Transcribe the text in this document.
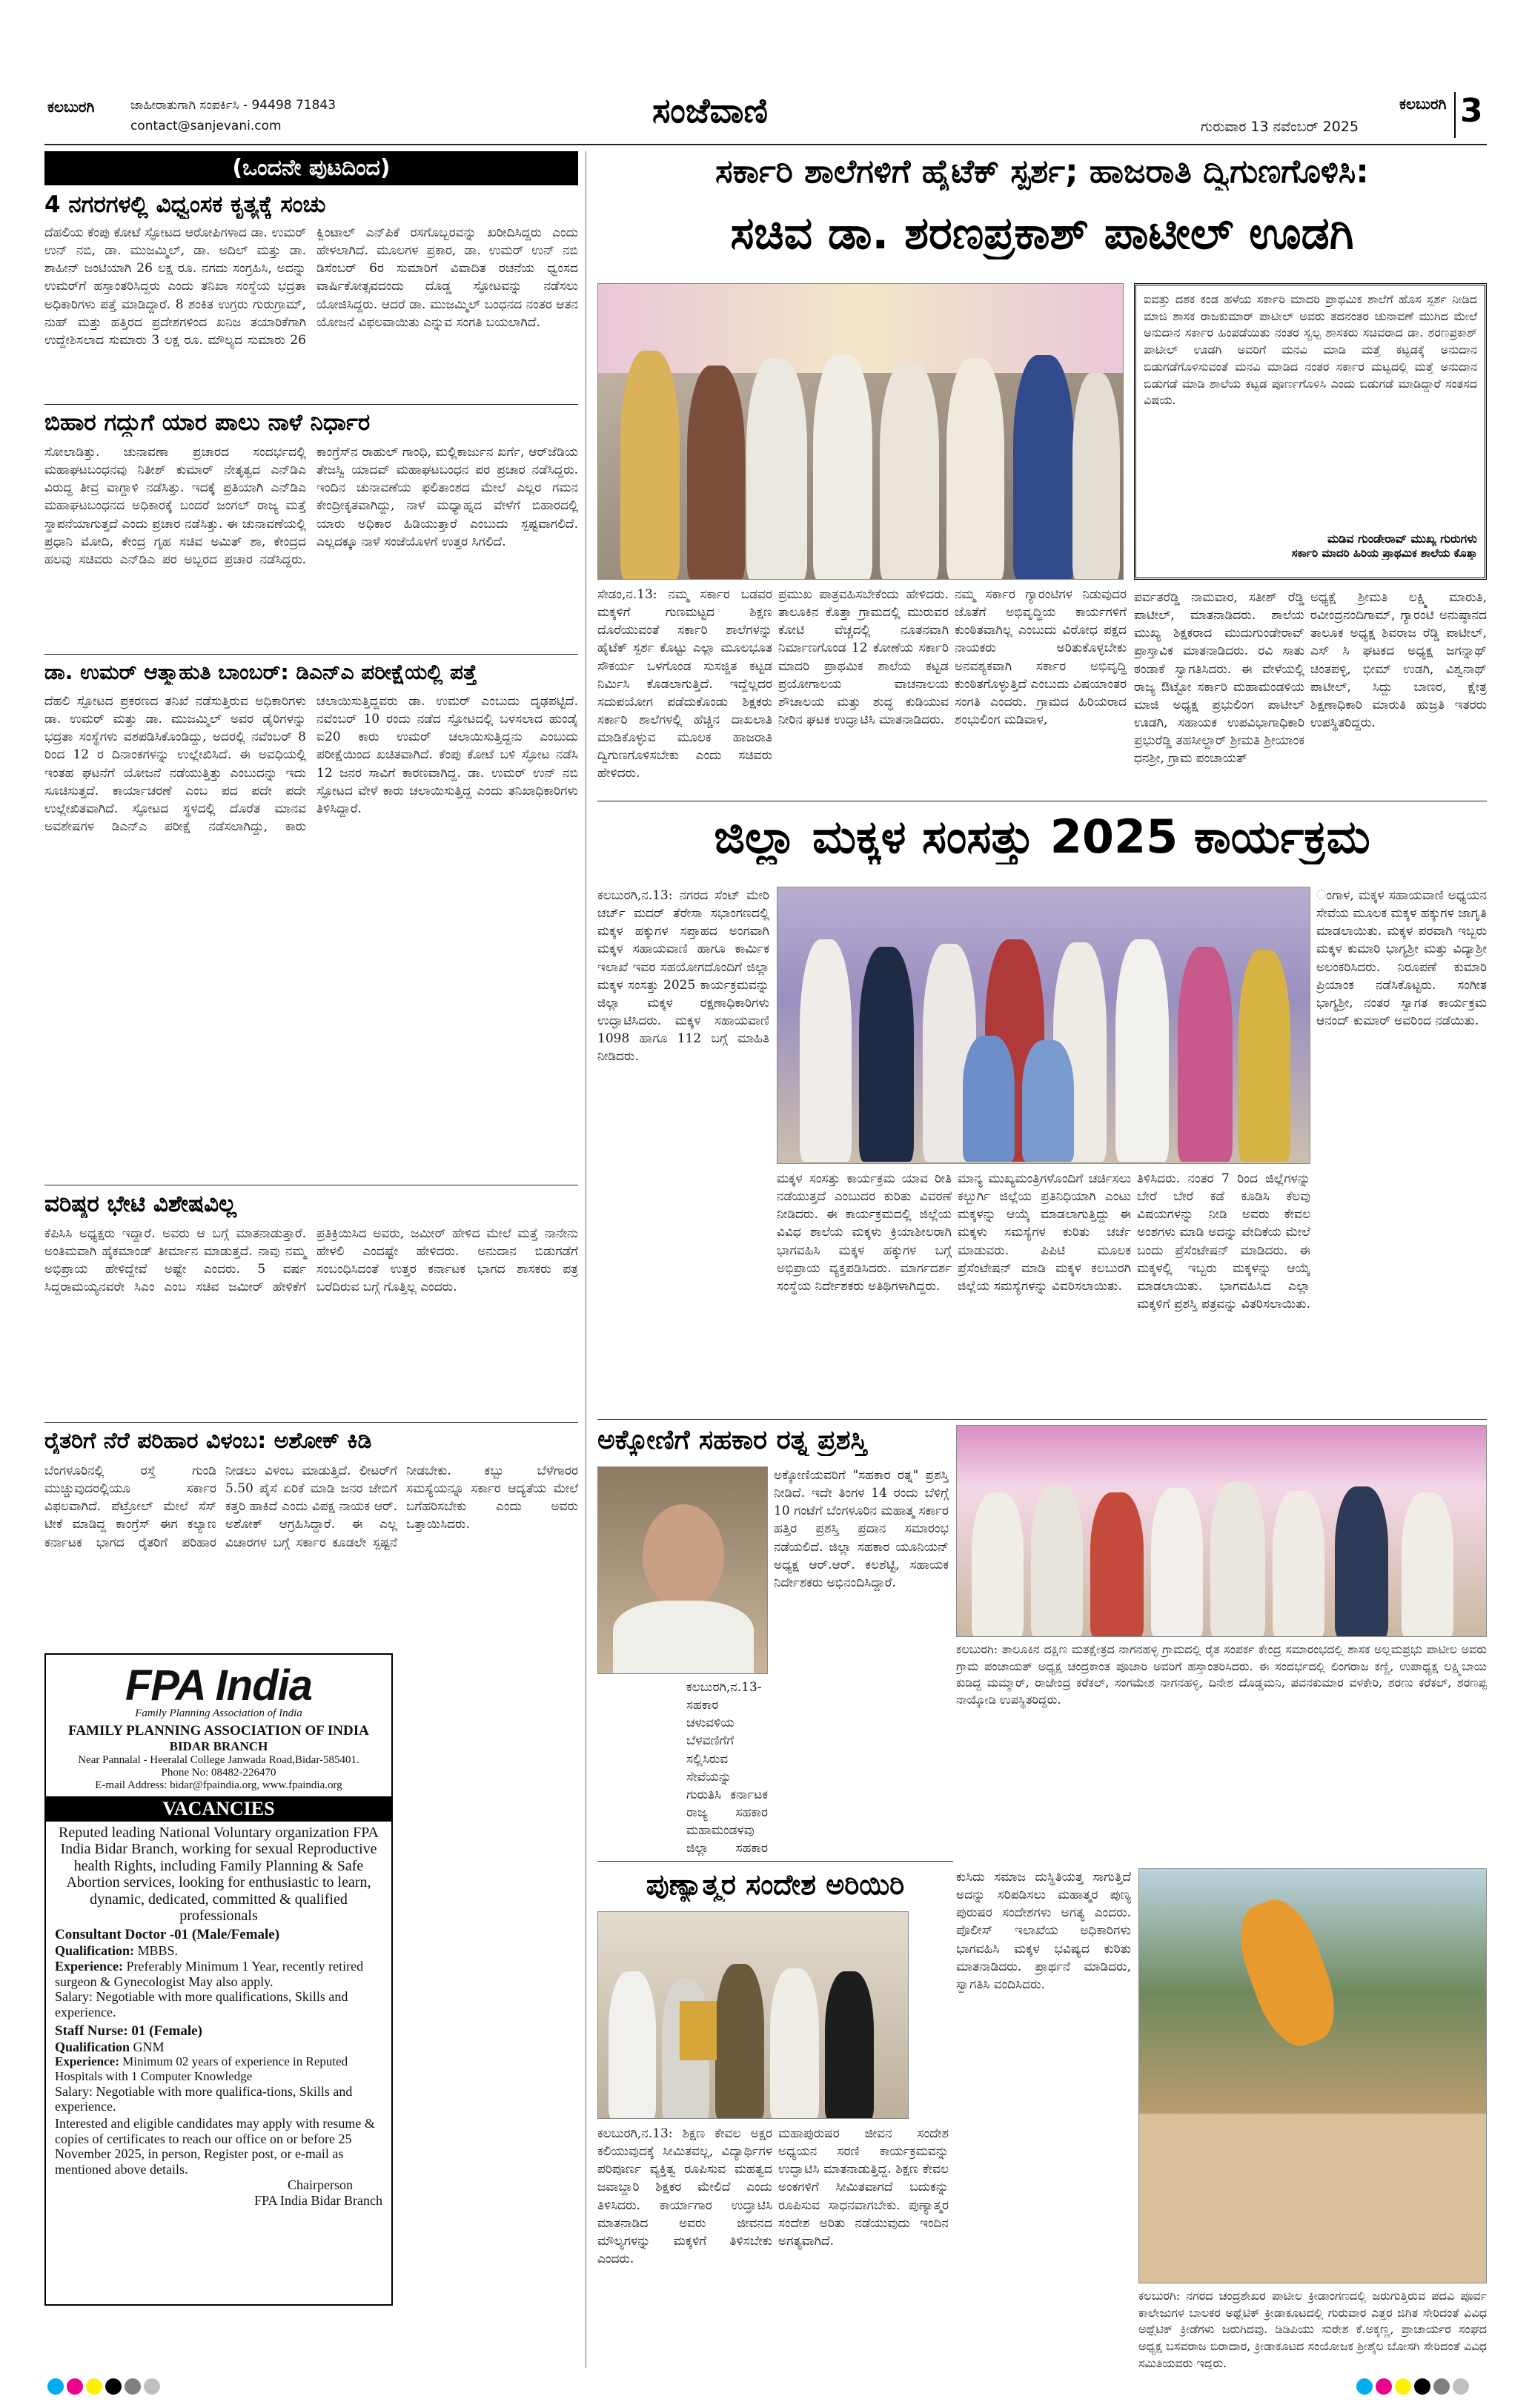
ಕಲಬುರಗಿ	ಜಾಹೀರಾತುಗಾಗಿ ಸಂಪರ್ಕಿಸಿ - 94498 71843
contact@sanjevani.com	ಸಂಜೆವಾಣಿ	ಕಲಬುರಗಿ
ಗುರುವಾರ 13 ನವೆಂಬರ್ 2025	3
(ಒಂದನೇ ಪುಟದಿಂದ)
4 ನಗರಗಳಲ್ಲಿ ವಿಧ್ವಂಸಕ ಕೃತ್ಯಕ್ಕೆ ಸಂಚು
ದೆಹಲಿಯ ಕೆಂಪು ಕೋಟೆ ಸ್ಫೋಟದ ಆರೋಪಿಗಳಾದ ಡಾ. ಉಮರ್ ಉನ್ ನಬಿ, ಡಾ. ಮುಜಮ್ಮಿಲ್, ಡಾ. ಅದಿಲ್ ಮತ್ತು ಡಾ. ಶಾಹೀನ್ ಜಂಟಿಯಾಗಿ 26 ಲಕ್ಷ ರೂ. ನಗದು ಸಂಗ್ರಹಿಸಿ, ಅದನ್ನು ಉಮರ್‌ಗೆ ಹಸ್ತಾಂತರಿಸಿದ್ದರು ಎಂದು ತನಿಖಾ ಸಂಸ್ಥೆಯ ಭದ್ರತಾ ಅಧಿಕಾರಿಗಳು ಪತ್ತೆ ಮಾಡಿದ್ದಾರೆ. 8 ಶಂಕಿತ ಉಗ್ರರು ಗುರುಗ್ರಾಮ್, ನುಹ್ ಮತ್ತು ಹತ್ತಿರದ ಪ್ರದೇಶಗಳಿಂದ ಖನಿಜ ತಯಾರಿಕೆಗಾಗಿ ಉದ್ದೇಶಿಸಲಾದ ಸುಮಾರು 3 ಲಕ್ಷ ರೂ. ಮೌಲ್ಯದ ಸುಮಾರು 26 ಕ್ವಿಂಟಾಲ್ ಎನ್‌ಪಿಕೆ ರಸಗೊಬ್ಬರವನ್ನು ಖರೀದಿಸಿದ್ದರು ಎಂದು ಹೇಳಲಾಗಿದೆ. ಮೂಲಗಳ ಪ್ರಕಾರ, ಡಾ. ಉಮರ್ ಉನ್ ನಬಿ ಡಿಸೆಂಬರ್ 6ರ ಸುಮಾರಿಗೆ ವಿವಾದಿತ ರಚನೆಯ ಧ್ವಂಸದ ವಾರ್ಷಿಕೋತ್ಸವದಂದು ದೊಡ್ಡ ಸ್ಫೋಟವನ್ನು ನಡೆಸಲು ಯೋಜಿಸಿದ್ದರು. ಆದರೆ ಡಾ. ಮುಜಮ್ಮಿಲ್ ಬಂಧನದ ನಂತರ ಆತನ ಯೋಜನೆ ವಿಫಲವಾಯಿತು ಎನ್ನುವ ಸಂಗತಿ ಬಯಲಾಗಿದೆ.
ಬಿಹಾರ ಗದ್ದುಗೆ ಯಾರ ಪಾಲು ನಾಳೆ ನಿರ್ಧಾರ
ಸೋಲಾಡಿತ್ತು. ಚುನಾವಣಾ ಪ್ರಚಾರದ ಸಂದರ್ಭದಲ್ಲಿ ಮಹಾಘಟಬಂಧನವು ನಿತೀಶ್ ಕುಮಾರ್ ನೇತೃತ್ವದ ಎನ್‌ಡಿಎ ವಿರುದ್ಧ ತೀವ್ರ ವಾಗ್ದಾಳಿ ನಡೆಸಿತ್ತು. ಇದಕ್ಕೆ ಪ್ರತಿಯಾಗಿ ಎನ್‌ಡಿಎ ಮಹಾಘಟಬಂಧನದ ಅಧಿಕಾರಕ್ಕೆ ಬಂದರೆ ಜಂಗಲ್ ರಾಜ್ಯ ಮತ್ತೆ ಸ್ಥಾಪನೆಯಾಗುತ್ತದೆ ಎಂದು ಪ್ರಚಾರ ನಡೆಸಿತ್ತು. ಈ ಚುನಾವಣೆಯಲ್ಲಿ ಪ್ರಧಾನಿ ಮೋದಿ, ಕೇಂದ್ರ ಗೃಹ ಸಚಿವ ಅಮಿತ್ ಶಾ, ಕೇಂದ್ರದ ಹಲವು ಸಚಿವರು ಎನ್‌ಡಿಎ ಪರ ಅಬ್ಬರದ ಪ್ರಚಾರ ನಡೆಸಿದ್ದರು. ಕಾಂಗ್ರೆಸ್‌ನ ರಾಹುಲ್ ಗಾಂಧಿ, ಮಲ್ಲಿಕಾರ್ಜುನ ಖರ್ಗೆ, ಆರ್‌ಜೆಡಿಯ ತೇಜಸ್ವಿ ಯಾದವ್ ಮಹಾಘಟಬಂಧನ ಪರ ಪ್ರಚಾರ ನಡೆಸಿದ್ದರು. ಇಂದಿನ ಚುನಾವಣೆಯ ಫಲಿತಾಂಶದ ಮೇಲೆ ಎಲ್ಲರ ಗಮನ ಕೇಂದ್ರೀಕೃತವಾಗಿದ್ದು, ನಾಳೆ ಮಧ್ಯಾಹ್ನದ ವೇಳೆಗೆ ಬಿಹಾರದಲ್ಲಿ ಯಾರು ಅಧಿಕಾರ ಹಿಡಿಯುತ್ತಾರೆ ಎಂಬುದು ಸ್ಪಷ್ಟವಾಗಲಿದೆ. ಎಲ್ಲದಕ್ಕೂ ನಾಳೆ ಸಂಜೆಯೊಳಗೆ ಉತ್ತರ ಸಿಗಲಿದೆ.
ಡಾ. ಉಮರ್ ಆತ್ಮಾಹುತಿ ಬಾಂಬರ್: ಡಿಎನ್‌ಎ ಪರೀಕ್ಷೆಯಲ್ಲಿ ಪತ್ತೆ
ದೆಹಲಿ ಸ್ಫೋಟದ ಪ್ರಕರಣದ ತನಿಖೆ ನಡೆಸುತ್ತಿರುವ ಅಧಿಕಾರಿಗಳು ಡಾ. ಉಮರ್ ಮತ್ತು ಡಾ. ಮುಜಮ್ಮಿಲ್ ಅವರ ಡೈರಿಗಳನ್ನು ಭದ್ರತಾ ಸಂಸ್ಥೆಗಳು ವಶಪಡಿಸಿಕೊಂಡಿದ್ದು, ಅದರಲ್ಲಿ ನವೆಂಬರ್ 8 ರಿಂದ 12 ರ ದಿನಾಂಕಗಳನ್ನು ಉಲ್ಲೇಖಿಸಿದೆ. ಈ ಅವಧಿಯಲ್ಲಿ ಇಂತಹ ಘಟನೆಗೆ ಯೋಜನೆ ನಡೆಯುತ್ತಿತ್ತು ಎಂಬುದನ್ನು ಇದು ಸೂಚಿಸುತ್ತದೆ. ಕಾರ್ಯಾಚರಣೆ ಎಂಬ ಪದ ಪದೇ ಪದೇ ಉಲ್ಲೇಖಿತವಾಗಿದೆ. ಸ್ಫೋಟದ ಸ್ಥಳದಲ್ಲಿ ದೊರೆತ ಮಾನವ ಅವಶೇಷಗಳ ಡಿಎನ್‌ಎ ಪರೀಕ್ಷೆ ನಡೆಸಲಾಗಿದ್ದು, ಕಾರು ಚಲಾಯಿಸುತ್ತಿದ್ದವರು ಡಾ. ಉಮರ್ ಎಂಬುದು ದೃಢಪಟ್ಟಿದೆ. ನವೆಂಬರ್ 10 ರಂದು ನಡೆದ ಸ್ಫೋಟದಲ್ಲಿ ಬಳಸಲಾದ ಹುಂಡೈ ಐ20 ಕಾರು ಉಮರ್ ಚಲಾಯಿಸುತ್ತಿದ್ದನು ಎಂಬುದು ಪರೀಕ್ಷೆಯಿಂದ ಖಚಿತವಾಗಿದೆ. ಕೆಂಪು ಕೋಟೆ ಬಳಿ ಸ್ಫೋಟ ನಡೆಸಿ 12 ಜನರ ಸಾವಿಗೆ ಕಾರಣವಾಗಿದ್ದ. ಡಾ. ಉಮರ್ ಉನ್ ನಬಿ ಸ್ಫೋಟದ ವೇಳೆ ಕಾರು ಚಲಾಯಿಸುತ್ತಿದ್ದ ಎಂದು ತನಿಖಾಧಿಕಾರಿಗಳು ತಿಳಿಸಿದ್ದಾರೆ.
ವರಿಷ್ಠರ ಭೇಟಿ ವಿಶೇಷವಿಲ್ಲ
ಕೆಪಿಸಿಸಿ ಅಧ್ಯಕ್ಷರು ಇದ್ದಾರೆ. ಅವರು ಆ ಬಗ್ಗೆ ಮಾತನಾಡುತ್ತಾರೆ. ಅಂತಿಮವಾಗಿ ಹೈಕಮಾಂಡ್ ತೀರ್ಮಾನ ಮಾಡುತ್ತದೆ. ನಾವು ನಮ್ಮ ಅಭಿಪ್ರಾಯ ಹೇಳಿದ್ದೇವೆ ಅಷ್ಟೇ ಎಂದರು. 5 ವರ್ಷ ಸಿದ್ದರಾಮಯ್ಯನವರೇ ಸಿಎಂ ಎಂಬ ಸಚಿವ ಜಮೀರ್ ಹೇಳಿಕೆಗೆ ಪ್ರತಿಕ್ರಿಯಿಸಿದ ಅವರು, ಜಮೀರ್ ಹೇಳಿದ ಮೇಲೆ ಮತ್ತೆ ನಾನೇನು ಹೇಳಲಿ ಎಂದಷ್ಟೇ ಹೇಳಿದರು. ಅನುದಾನ ಬಿಡುಗಡೆಗೆ ಸಂಬಂಧಿಸಿದಂತೆ ಉತ್ತರ ಕರ್ನಾಟಕ ಭಾಗದ ಶಾಸಕರು ಪತ್ರ ಬರೆದಿರುವ ಬಗ್ಗೆ ಗೊತ್ತಿಲ್ಲ ಎಂದರು.
ರೈತರಿಗೆ ನೆರೆ ಪರಿಹಾರ ವಿಳಂಬ: ಅಶೋಕ್ ಕಿಡಿ
ಬೆಂಗಳೂರಿನಲ್ಲಿ ರಸ್ತೆ ಗುಂಡಿ ಮುಚ್ಚುವುದರಲ್ಲಿಯೂ ಸರ್ಕಾರ ವಿಫಲವಾಗಿದೆ. ಪೆಟ್ರೋಲ್ ಮೇಲೆ ಸೆಸ್ ಟೀಕೆ ಮಾಡಿದ್ದ ಕಾಂಗ್ರೆಸ್ ಈಗ ಕಲ್ಯಾಣ ಕರ್ನಾಟಕ ಭಾಗದ ರೈತರಿಗೆ ಪರಿಹಾರ ನೀಡಲು ವಿಳಂಬ ಮಾಡುತ್ತಿದೆ. ಲೀಟರ್‌ಗೆ 5.50 ಪೈಸೆ ಏರಿಕೆ ಮಾಡಿ ಜನರ ಜೇಬಿಗೆ ಕತ್ತರಿ ಹಾಕಿದೆ ಎಂದು ವಿಪಕ್ಷ ನಾಯಕ ಆರ್. ಅಶೋಕ್ ಆಗ್ರಹಿಸಿದ್ದಾರೆ. ಈ ಎಲ್ಲ ವಿಚಾರಗಳ ಬಗ್ಗೆ ಸರ್ಕಾರ ಕೂಡಲೇ ಸ್ಪಷ್ಟನೆ ನೀಡಬೇಕು. ಕಬ್ಬು ಬೆಳೆಗಾರರ ಸಮಸ್ಯೆಯನ್ನೂ ಸರ್ಕಾರ ಆದ್ಯತೆಯ ಮೇಲೆ ಬಗೆಹರಿಸಬೇಕು ಎಂದು ಅವರು ಒತ್ತಾಯಿಸಿದರು.
FPA India
Family Planning Association of India
FAMILY PLANNING ASSOCIATION OF INDIA
BIDAR BRANCH
Near Pannalal - Heeralal College Janwada Road,Bidar-585401.
Phone No: 08482-226470
E-mail Address: bidar@fpaindia.org, www.fpaindia.org
VACANCIES
Reputed leading National Voluntary organization FPA India Bidar Branch, working for sexual Reproductive health Rights, including Family Planning & Safe Abortion services, looking for enthusiastic to learn, dynamic, dedicated, committed & qualified professionals
Consultant Doctor -01 (Male/Female)
Qualification: MBBS.
Experience: Preferably Minimum 1 Year, recently retired surgeon & Gynecologist May also apply.
Salary: Negotiable with more qualifications, Skills and experience.
Staff Nurse: 01 (Female)
Qualification GNM
Experience: Minimum 02 years of experience in Reputed Hospitals with 1 Computer Knowledge
Salary: Negotiable with more qualifica-tions, Skills and experience.
Interested and eligible candidates may apply with resume & copies of certificates to reach our office on or before 25 November 2025, in person, Register post, or e-mail as mentioned above details.
Chairperson
FPA India Bidar Branch
ಸರ್ಕಾರಿ ಶಾಲೆಗಳಿಗೆ ಹೈಟೆಕ್ ಸ್ಪರ್ಶ; ಹಾಜರಾತಿ ದ್ವಿಗುಣಗೊಳಿಸಿ:
ಸಚಿವ ಡಾ. ಶರಣಪ್ರಕಾಶ್ ಪಾಟೀಲ್ ಊಡಗಿ
ಐವತ್ತು ದಶಕ ಕಂಡ ಹಳೆಯ ಸರ್ಕಾರಿ ಮಾದರಿ ಪ್ರಾಥಮಿಕ ಶಾಲೆಗೆ ಹೊಸ ಸ್ಪರ್ಶ ನೀಡಿದ ಮಾಜಿ ಶಾಸಕ ರಾಜಕುಮಾರ್ ಪಾಟೀಲ್ ಅವರು ತದನಂತರ ಚುನಾವಣೆ ಮುಗಿದ ಮೇಲೆ ಅನುದಾನ ಸರ್ಕಾರ ಹಿಂಪಡೆಯಿತು ನಂತರ ಸ್ವಲ್ಪ ಶಾಸಕರು ಸಚಿವರಾದ ಡಾ. ಶರಣಪ್ರಕಾಶ್ ಪಾಟೀಲ್ ಊಡಗಿ ಅವರಿಗೆ ಮನವಿ ಮಾಡಿ ಮತ್ತೆ ಕಟ್ಟಡಕ್ಕೆ ಅನುದಾನ ಬಿಡುಗಡೆಗೊಳಿಸುವಂತೆ ಮನವಿ ಮಾಡಿದ ನಂತರ ಸರ್ಕಾರ ಮಟ್ಟದಲ್ಲಿ ಮತ್ತೆ ಅನುದಾನ ಬಿಡುಗಡೆ ಮಾಡಿ ಶಾಲೆಯ ಕಟ್ಟಡ ಪೂರ್ಣಗೊಳಿಸಿ ಎಂದು ಬಿಡುಗಡೆ ಮಾಡಿದ್ದಾರೆ ಸಂತಸದ ವಿಷಯ.
ಮಡಿವ ಗುಂಡೇರಾವ್ ಮುಖ್ಯ ಗುರುಗಳು
ಸರ್ಕಾರಿ ಮಾದರಿ ಹಿರಿಯ ಪ್ರಾಥಮಿಕ ಶಾಲೆಯ ಕೊತ್ತಾ
ಸೇಡಂ,ನ.13: ನಮ್ಮ ಸರ್ಕಾರ ಬಡವರ ಮಕ್ಕಳಿಗೆ ಗುಣಮಟ್ಟದ ಶಿಕ್ಷಣ ದೊರೆಯುವಂತೆ ಸರ್ಕಾರಿ ಶಾಲೆಗಳನ್ನು ಹೈಟೆಕ್ ಸ್ಪರ್ಶ ಕೊಟ್ಟು ಎಲ್ಲಾ ಮೂಲಭೂತ ಸೌಕರ್ಯ ಒಳಗೊಂಡ ಸುಸಜ್ಜಿತ ಕಟ್ಟಡ ನಿರ್ಮಿಸಿ ಕೊಡಲಾಗುತ್ತಿದೆ. ಇದ್ದೆಲ್ಲದರ ಸದುಪಯೋಗ ಪಡೆದುಕೊಂಡು ಶಿಕ್ಷಕರು ಸರ್ಕಾರಿ ಶಾಲೆಗಳಲ್ಲಿ ಹೆಚ್ಚಿನ ದಾಖಲಾತಿ ಮಾಡಿಕೊಳ್ಳುವ ಮೂಲಕ ಹಾಜರಾತಿ ದ್ವಿಗುಣಗೊಳಿಸಬೇಕು ಎಂದು ಸಚಿವರು ಹೇಳಿದರು.
ಪ್ರಮುಖ ಪಾತ್ರವಹಿಸಬೇಕೆಂದು ಹೇಳಿದರು. ತಾಲೂಕಿನ ಕೊತ್ತಾ ಗ್ರಾಮದಲ್ಲಿ ಮುರುವರ ಕೋಟಿ ವೆಚ್ಚದಲ್ಲಿ ನೂತನವಾಗಿ ನಿರ್ಮಾಣಗೊಂಡ 12 ಕೋಣೆಯ ಸರ್ಕಾರಿ ಮಾದರಿ ಪ್ರಾಥಮಿಕ ಶಾಲೆಯ ಕಟ್ಟಡ ಪ್ರಯೋಗಾಲಯ ವಾಚನಾಲಯ ಶೌಚಾಲಯ ಮತ್ತು ಶುದ್ಧ ಕುಡಿಯುವ ನೀರಿನ ಘಟಕ ಉದ್ಘಾಟಿಸಿ ಮಾತನಾಡಿದರು.
ನಮ್ಮ ಸರ್ಕಾರ ಗ್ಯಾರಂಟಿಗಳ ನಿಡುವುದರ ಜೊತೆಗೆ ಅಭಿವೃದ್ಧಿಯ ಕಾರ್ಯಗಳಿಗೆ ಕುಂಠಿತವಾಗಿಲ್ಲ ಎಂಬುದು ವಿರೋಧ ಪಕ್ಷದ ನಾಯಕರು ಅರಿತುಕೊಳ್ಳಬೇಕು ಅನವಶ್ಯಕವಾಗಿ ಸರ್ಕಾರ ಅಭಿವೃದ್ಧಿ ಕುಂಠಿತಗೊಳ್ಳುತ್ತಿದೆ ಎಂಬುದು ವಿಷಯಾಂತರ ಸಂಗತಿ ಎಂದರು. ಗ್ರಾಮದ ಹಿರಿಯರಾದ ಶಂಭುಲಿಂಗ ಮಡಿವಾಳ,
ಪರ್ವತರೆಡ್ಡಿ ನಾಮವಾರ, ಸತೀಶ್ ರೆಡ್ಡಿ ಪಾಟೀಲ್, ಮಾತನಾಡಿದರು. ಶಾಲೆಯ ಮುಖ್ಯ ಶಿಕ್ಷಕರಾದ ಮುದುಗುಂಡೇರಾವ್ ಪ್ರಾಸ್ತಾವಿಕ ಮಾತನಾಡಿದರು. ರವಿ ಸಾತು ಠಂಡಾಕೆ ಸ್ವಾಗತಿಸಿದರು. ಈ ವೇಳೆಯಲ್ಲಿ ರಾಜ್ಯ ಔಟ್ಟೋ ಸರ್ಕಾರಿ ಮಹಾಮಂಡಳಿಯ ಮಾಜಿ ಅಧ್ಯಕ್ಷ ಪ್ರಭುಲಿಂಗ ಪಾಟೀಲ್ ಊಡಗಿ, ಸಹಾಯಕ ಉಪವಿಭಾಗಾಧಿಕಾರಿ ಪ್ರಭುರೆಡ್ಡಿ ತಹಸೀಲ್ದಾರ್ ಶ್ರೀಮತಿ ಶ್ರೀಯಾಂಕ ಧನಶ್ರೀ, ಗ್ರಾಮ ಪಂಚಾಯತ್
ಅಧ್ಯಕ್ಷೆ ಶ್ರೀಮತಿ ಲಕ್ಷ್ಮಿ ಮಾರುತಿ, ರವೀಂದ್ರನಂದಿಗಾಮ್, ಗ್ಯಾರಂಟಿ ಅನುಷ್ಠಾನದ ತಾಲೂಕ ಅಧ್ಯಕ್ಷ ಶಿವರಾಜ ರೆಡ್ಡಿ ಪಾಟೀಲ್, ಎಸ್ ಸಿ ಘಟಕದ ಅಧ್ಯಕ್ಷ ಜಗನ್ನಾಥ್ ಚಿಂತಪಳ್ಳಿ, ಭೀಮ್ ಉಡಗಿ, ವಿಶ್ವನಾಥ್ ಪಾಟೀಲ್, ಸಿದ್ದು ಬಾಣರ, ಕ್ಷೇತ್ರ ಶಿಕ್ಷಣಾಧಿಕಾರಿ ಮಾರುತಿ ಹುಜ್ರತಿ ಇತರರು ಉಪಸ್ಥಿತರಿದ್ದರು.
ಜಿಲ್ಲಾ ಮಕ್ಕಳ ಸಂಸತ್ತು 2025 ಕಾರ್ಯಕ್ರಮ
ಕಲಬುರಗಿ,ನ.13: ನಗರದ ಸೆಂಟ್ ಮೇರಿ ಚರ್ಚ್ ಮದರ್ ತೆರೇಸಾ ಸಭಾಂಗಣದಲ್ಲಿ ಮಕ್ಕಳ ಹಕ್ಕುಗಳ ಸಪ್ತಾಹದ ಅಂಗವಾಗಿ ಮಕ್ಕಳ ಸಹಾಯವಾಣಿ ಹಾಗೂ ಕಾರ್ಮಿಕ ಇಲಾಖೆ ಇವರ ಸಹಯೋಗದೊಂದಿಗೆ ಜಿಲ್ಲಾ ಮಕ್ಕಳ ಸಂಸತ್ತು 2025 ಕಾರ್ಯಕ್ರಮವನ್ನು ಜಿಲ್ಲಾ ಮಕ್ಕಳ ರಕ್ಷಣಾಧಿಕಾರಿಗಳು ಉದ್ಘಾಟಿಸಿದರು. ಮಕ್ಕಳ ಸಹಾಯವಾಣಿ 1098 ಹಾಗೂ 112 ಬಗ್ಗೆ ಮಾಹಿತಿ ನೀಡಿದರು.
ಂಗಾಳ, ಮಕ್ಕಳ ಸಹಾಯವಾಣಿ ಅಧ್ಯಯನ ಸೇವೆಯ ಮೂಲಕ ಮಕ್ಕಳ ಹಕ್ಕುಗಳ ಜಾಗೃತಿ ಮಾಡಲಾಯಿತು. ಮಕ್ಕಳ ಪರವಾಗಿ ಇಬ್ಬರು ಮಕ್ಕಳ ಕುಮಾರಿ ಭಾಗ್ಯಶ್ರೀ ಮತ್ತು ವಿದ್ಯಾಶ್ರೀ ಅಲಂಕರಿಸಿದರು. ನಿರೂಪಣೆ ಕುಮಾರಿ ಪ್ರಿಯಾಂಕ ನಡೆಸಿಕೊಟ್ಟರು. ಸಂಗೀತ ಭಾಗ್ಯಶ್ರೀ, ನಂತರ ಸ್ವಾಗತ ಕಾರ್ಯಕ್ರಮ ಆನಂದ್ ಕುಮಾರ್ ಅವರಿಂದ ನಡೆಯಿತು.
ಮಕ್ಕಳ ಸಂಸತ್ತು ಕಾರ್ಯಕ್ರಮ ಯಾವ ರೀತಿ ನಡೆಯುತ್ತದೆ ಎಂಬುದರ ಕುರಿತು ವಿವರಣೆ ನೀಡಿದರು. ಈ ಕಾರ್ಯಕ್ರಮದಲ್ಲಿ ಜಿಲ್ಲೆಯ ವಿವಿಧ ಶಾಲೆಯ ಮಕ್ಕಳು ಕ್ರಿಯಾಶೀಲರಾಗಿ ಭಾಗವಹಿಸಿ ಮಕ್ಕಳ ಹಕ್ಕುಗಳ ಬಗ್ಗೆ ಅಭಿಪ್ರಾಯ ವ್ಯಕ್ತಪಡಿಸಿದರು. ಮಾರ್ಗದರ್ಶ ಸಂಸ್ಥೆಯ ನಿರ್ದೇಶಕರು ಅತಿಥಿಗಳಾಗಿದ್ದರು.
ಮಾನ್ಯ ಮುಖ್ಯಮಂತ್ರಿಗಳೊಂದಿಗೆ ಚರ್ಚಿಸಲು ಕಲ್ಬುರ್ಗಿ ಜಿಲ್ಲೆಯ ಪ್ರತಿನಿಧಿಯಾಗಿ ಎಂಟು ಮಕ್ಕಳನ್ನು ಆಯ್ಕೆ ಮಾಡಲಾಗುತ್ತಿದ್ದು ಈ ಮಕ್ಕಳು ಸಮಸ್ಯೆಗಳ ಕುರಿತು ಚರ್ಚೆ ಮಾಡುವರು. ಪಿಪಿಟಿ ಮೂಲಕ ಪ್ರೆಸೆಂಟೇಷನ್ ಮಾಡಿ ಮಕ್ಕಳ ಕಲಬುರಗಿ ಜಿಲ್ಲೆಯ ಸಮಸ್ಯೆಗಳನ್ನು ವಿವರಿಸಲಾಯಿತು.
ತಿಳಿಸಿದರು. ನಂತರ 7 ರಿಂದ ಜಿಲ್ಲೆಗಳನ್ನು ಬೇರೆ ಬೇರೆ ಕಡೆ ಕೂಡಿಸಿ ಕೆಲವು ವಿಷಯಗಳನ್ನು ನೀಡಿ ಅವರು ಕೇವಲ ಅಂಶಗಳು ಮಾಡಿ ಅದನ್ನು ವೇದಿಕೆಯ ಮೇಲೆ ಬಂದು ಪ್ರೆಸೆಂಟೇಷನ್ ಮಾಡಿದರು. ಈ ಮಕ್ಕಳಲ್ಲಿ ಇಬ್ಬರು ಮಕ್ಕಳನ್ನು ಆಯ್ಕೆ ಮಾಡಲಾಯಿತು. ಭಾಗವಹಿಸಿದ ಎಲ್ಲಾ ಮಕ್ಕಳಿಗೆ ಪ್ರಶಸ್ತಿ ಪತ್ರವನ್ನು ವಿತರಿಸಲಾಯಿತು.
ಅಕ್ಕೋಣಿಗೆ ಸಹಕಾರ ರತ್ನ ಪ್ರಶಸ್ತಿ
ಕಲಬುರಗಿ,ನ.13-ಸಹಕಾರ ಚಳುವಳಿಯ ಬೆಳವಣಿಗೆಗೆ ಸಲ್ಲಿಸಿರುವ ಸೇವೆಯನ್ನು ಗುರುತಿಸಿ ಕರ್ನಾಟಕ ರಾಜ್ಯ ಸಹಕಾರ ಮಹಾಮಂಡಳವು ಜಿಲ್ಲಾ ಸಹಕಾರ
ಅಕ್ಕೋಣಿಯವರಿಗೆ "ಸಹಕಾರ ರತ್ನ" ಪ್ರಶಸ್ತಿ ನೀಡಿದೆ. ಇದೇ ತಿಂಗಳ 14 ರಂದು ಬೆಳಿಗ್ಗೆ 10 ಗಂಟೆಗೆ ಬೆಂಗಳೂರಿನ ಮಹಾತ್ಮ ಸರ್ಕಾರ ಹತ್ತಿರ ಪ್ರಶಸ್ತಿ ಪ್ರದಾನ ಸಮಾರಂಭ ನಡೆಯಲಿದೆ. ಜಿಲ್ಲಾ ಸಹಕಾರ ಯೂನಿಯನ್ ಅಧ್ಯಕ್ಷ ಆರ್.ಆರ್. ಕಲಶೆಟ್ಟಿ, ಸಹಾಯಕ ನಿರ್ದೇಶಕರು ಅಭಿನಂದಿಸಿದ್ದಾರೆ.
ಕಲಬುರಗಿ: ತಾಲೂಕಿನ ದಕ್ಷಿಣ ಮತಕ್ಷೇತ್ರದ ನಾಗನಹಳ್ಳಿ ಗ್ರಾಮದಲ್ಲಿ ರೈತ ಸಂಪರ್ಕ ಕೇಂದ್ರ ಸಮಾರಂಭದಲ್ಲಿ ಶಾಸಕ ಅಲ್ಲಮಪ್ರಭು ಪಾಟೀಲ ಅವರು ಗ್ರಾಮ ಪಂಚಾಯತ್ ಅಧ್ಯಕ್ಷ ಚಂದ್ರಕಾಂತ ಪೂಜಾರಿ ಅವರಿಗೆ ಹಸ್ತಾಂತರಿಸಿದರು. ಈ ಸಂದರ್ಭದಲ್ಲಿ ಲಿಂಗರಾಜ ಕಣ್ಣಿ, ಉಪಾಧ್ಯಕ್ಷ ಲಕ್ಷ್ಮಿಬಾಯಿ ಕುಡಿದ್ದ ಮಮ್ಮಾರ್, ರಾಜೇಂದ್ರ ಕರೆಕಲ್, ಸಂಗಮೇಶ ನಾಗನಹಳ್ಳಿ, ದಿನೇಶ ದೊಡ್ಡಮನಿ, ಪವನಕುಮಾರ ವಳಕೇರಿ, ಶರಣು ಕರೆಕಲ್, ಶರಣಪ್ಪ ನಾಯ್ಕೋಡಿ ಉಪಸ್ಥಿತರಿದ್ದರು.
ಪುಣ್ಯಾತ್ಮರ ಸಂದೇಶ ಅರಿಯಿರಿ
ಕಲಬುರಗಿ,ನ.13: ಶಿಕ್ಷಣ ಕೇವಲ ಅಕ್ಷರ ಕಲಿಯುವುದಕ್ಕೆ ಸೀಮಿತವಲ್ಲ, ವಿದ್ಯಾರ್ಥಿಗಳ ಪರಿಪೂರ್ಣ ವ್ಯಕ್ತಿತ್ವ ರೂಪಿಸುವ ಮಹತ್ವದ ಜವಾಬ್ದಾರಿ ಶಿಕ್ಷಕರ ಮೇಲಿದೆ ಎಂದು ತಿಳಿಸಿದರು. ಕಾರ್ಯಾಗಾರ ಉದ್ಘಾಟಿಸಿ ಮಾತನಾಡಿದ ಅವರು ಜೀವನದ ಮೌಲ್ಯಗಳನ್ನು ಮಕ್ಕಳಿಗೆ ತಿಳಿಸಬೇಕು ಎಂದರು.
ಮಹಾಪುರುಷರ ಜೀವನ ಸಂದೇಶ ಅಧ್ಯಯನ ಸರಣಿ ಕಾರ್ಯಕ್ರಮವನ್ನು ಉದ್ಘಾಟಿಸಿ ಮಾತನಾಡುತ್ತಿದ್ದ. ಶಿಕ್ಷಣ ಕೇವಲ ಅಂಕಗಳಿಗೆ ಸೀಮಿತವಾಗದೆ ಬದುಕನ್ನು ರೂಪಿಸುವ ಸಾಧನವಾಗಬೇಕು. ಪುಣ್ಯಾತ್ಮರ ಸಂದೇಶ ಅರಿತು ನಡೆಯುವುದು ಇಂದಿನ ಅಗತ್ಯವಾಗಿದೆ.
ಕುಸಿದು ಸಮಾಜ ದುಸ್ಥಿತಿಯತ್ತ ಸಾಗುತ್ತಿದೆ ಅದನ್ನು ಸರಿಪಡಿಸಲು ಮಹಾತ್ಮರ ಪುಣ್ಯ ಪುರುಷರ ಸಂದೇಶಗಳು ಅಗತ್ಯ ಎಂದರು. ಪೊಲೀಸ್ ಇಲಾಖೆಯ ಅಧಿಕಾರಿಗಳು ಭಾಗವಹಿಸಿ ಮಕ್ಕಳ ಭವಿಷ್ಯದ ಕುರಿತು ಮಾತನಾಡಿದರು. ಪ್ರಾರ್ಥನೆ ಮಾಡಿದರು, ಸ್ವಾಗತಿಸಿ ವಂದಿಸಿದರು.
ಕಲಬುರಗಿ: ನಗರದ ಚಂದ್ರಶೇಖರ ಪಾಟೀಲ ಕ್ರೀಡಾಂಗಣದಲ್ಲಿ ಜರುಗುತ್ತಿರುವ ಪದವಿ ಪೂರ್ವ ಕಾಲೇಜುಗಳ ಬಾಲಕರ ಅಥ್ಲೆಟಿಕ್ ಕ್ರೀಡಾಕೂಟದಲ್ಲಿ ಗುರುವಾರ ಎತ್ತರ ಜಿಗಿತ ಸೇರಿದಂತೆ ವಿವಿಧ ಅಥ್ಲೆಟಿಕ್ ಕ್ರೀಡೆಗಳು ಜರುಗಿದವು. ಡಿಡಿಪಿಯು ಸುರೇಶ ಕೆ.ಅಕ್ಕಣ್ಣ, ಪ್ರಾಚಾರ್ಯರ ಸಂಘದ ಅಧ್ಯಕ್ಷ ಬಸವರಾಜ ಬಿರಾದಾರ, ಕ್ರೀಡಾಕೂಟದ ಸಂಯೋಜಕ ಶ್ರೀಶೈಲ ಬೋಸಗಿ ಸೇರಿದಂತೆ ವಿವಿಧ ಸಮಿತಿಯವರು ಇದ್ದರು.
